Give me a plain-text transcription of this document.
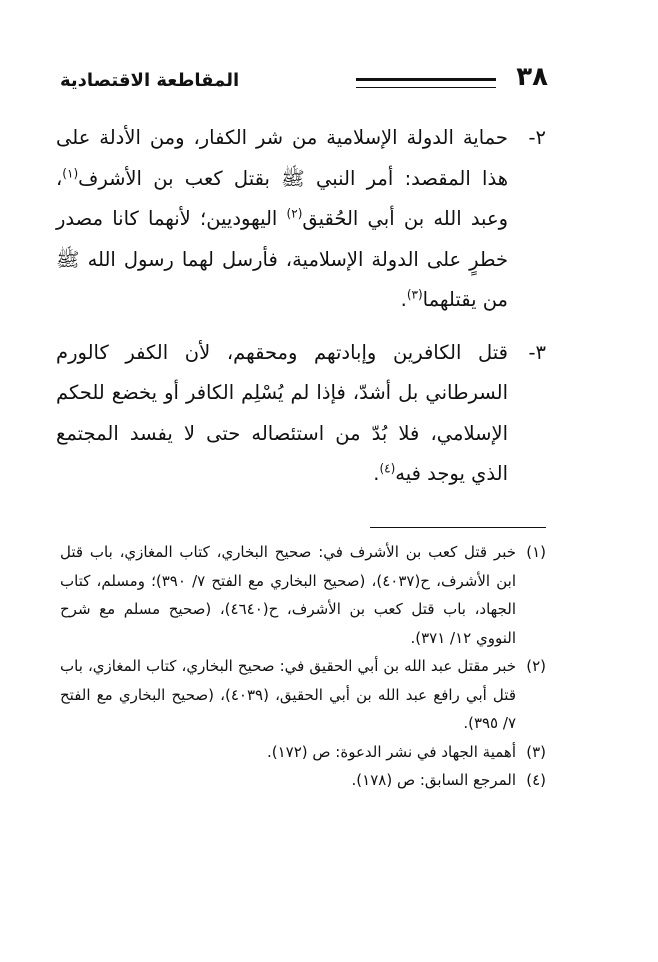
٣٨
المقاطعة الاقتصادية

٢-
حماية الدولة الإسلامية من شر الكفار، ومن الأدلة على هذا المقصد: أمر النبي ﷺ بقتل كعب بن الأشرف$^{(١)}$، وعبد الله بن أبي الحُقيق$^{(٢)}$ اليهوديين؛ لأنهما كانا مصدر خطرٍ على الدولة الإسلامية، فأرسل لهما رسول الله ﷺ من يقتلهما$^{(٣)}$.

٣-
قتل الكافرين وإبادتهم ومحقهم، لأن الكفر كالورم السرطاني بل أشدّ، فإذا لم يُسْلِم الكافر أو يخضع للحكم الإسلامي، فلا بُدّ من استئصاله حتى لا يفسد المجتمع الذي يوجد فيه$^{(٤)}$.

(١)
خبر قتل كعب بن الأشرف في: صحيح البخاري، كتاب المغازي، باب قتل ابن الأشرف، ح(٤٠٣٧)، (صحيح البخاري مع الفتح ٧/ ٣٩٠)؛ ومسلم، كتاب الجهاد، باب قتل كعب بن الأشرف، ح(٤٦٤٠)، (صحيح مسلم مع شرح النووي ١٢/ ٣٧١).
(٢)
خبر مقتل عبد الله بن أبي الحقيق في: صحيح البخاري، كتاب المغازي، باب قتل أبي رافع عبد الله بن أبي الحقيق، (٤٠٣٩)، (صحيح البخاري مع الفتح ٧/ ٣٩٥).
(٣)
أهمية الجهاد في نشر الدعوة: ص (١٧٢).
(٤)
المرجع السابق: ص (١٧٨).
